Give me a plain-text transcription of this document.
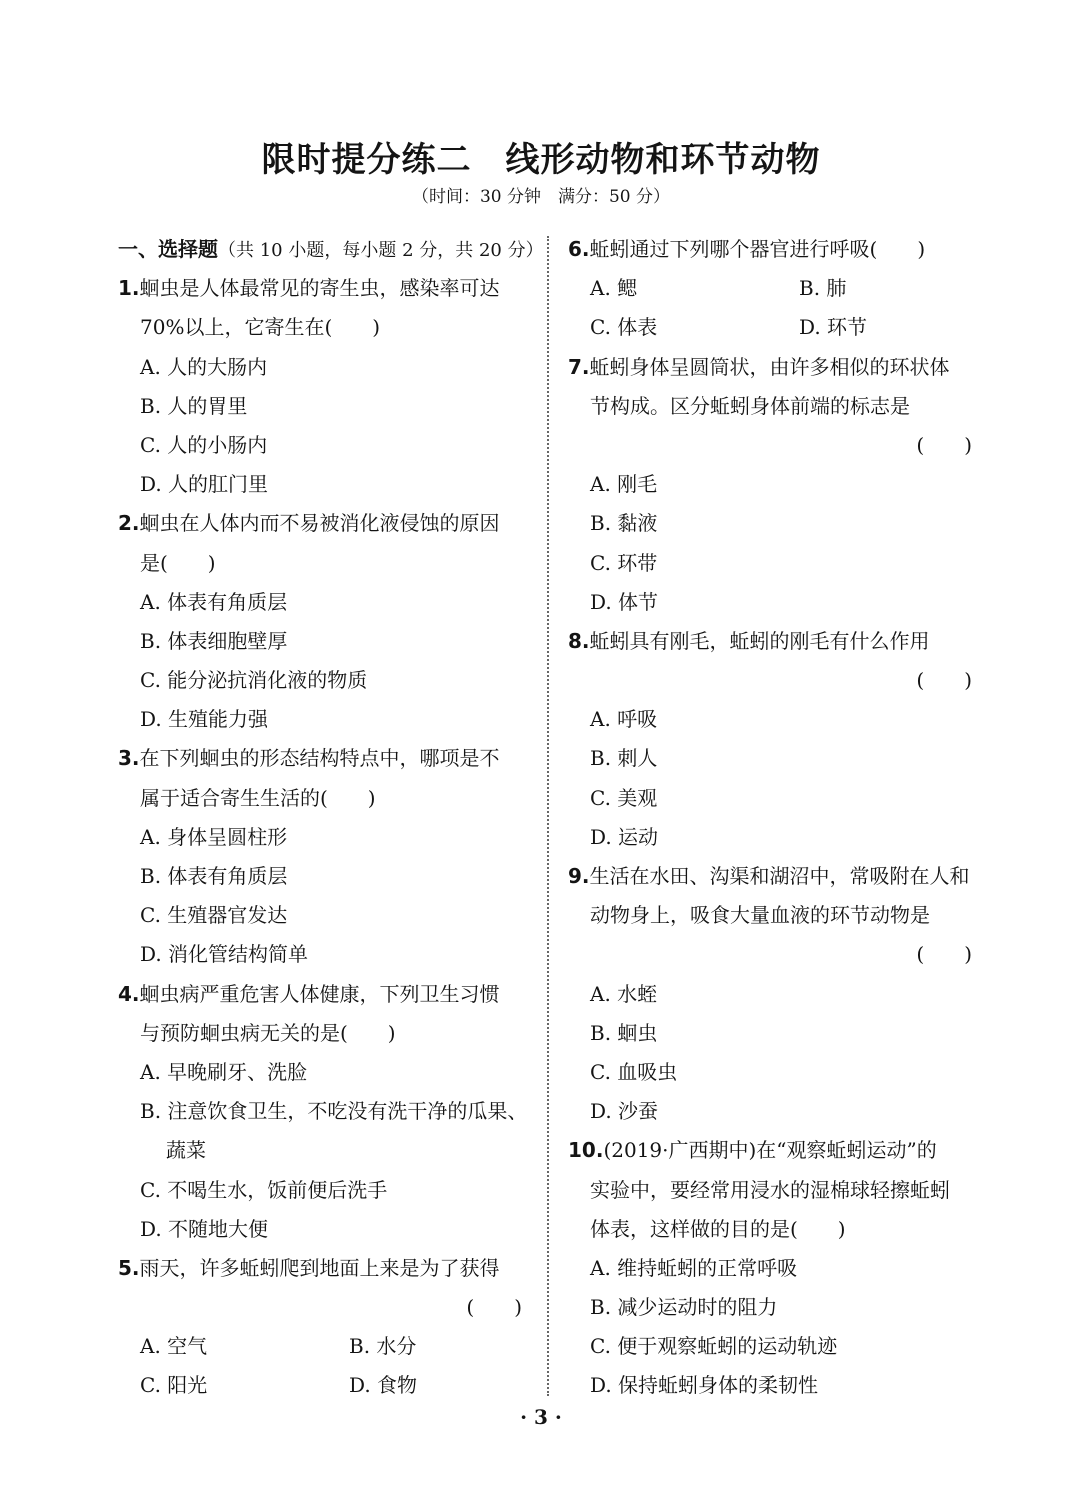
限时提分练二 线形动物和环节动物
（时间：30 分钟　满分：50 分）
一、选择题（共 10 小题，每小题 2 分，共 20 分）
1.蛔虫是人体最常见的寄生虫，感染率可达
70%以上，它寄生在(　　)
A. 人的大肠内
B. 人的胃里
C. 人的小肠内
D. 人的肛门里
2.蛔虫在人体内而不易被消化液侵蚀的原因
是(　　)
A. 体表有角质层
B. 体表细胞壁厚
C. 能分泌抗消化液的物质
D. 生殖能力强
3.在下列蛔虫的形态结构特点中，哪项是不
属于适合寄生生活的(　　)
A. 身体呈圆柱形
B. 体表有角质层
C. 生殖器官发达
D. 消化管结构简单
4.蛔虫病严重危害人体健康，下列卫生习惯
与预防蛔虫病无关的是(　　)
A. 早晚刷牙、洗脸
B. 注意饮食卫生，不吃没有洗干净的瓜果、
蔬菜
C. 不喝生水，饭前便后洗手
D. 不随地大便
5.雨天，许多蚯蚓爬到地面上来是为了获得
(　　)
A. 空气	B. 水分
C. 阳光	D. 食物
6.蚯蚓通过下列哪个器官进行呼吸(　　)
A. 鳃	B. 肺
C. 体表	D. 环节
7.蚯蚓身体呈圆筒状，由许多相似的环状体
节构成。区分蚯蚓身体前端的标志是
(　　)
A. 刚毛
B. 黏液
C. 环带
D. 体节
8.蚯蚓具有刚毛，蚯蚓的刚毛有什么作用
(　　)
A. 呼吸
B. 刺人
C. 美观
D. 运动
9.生活在水田、沟渠和湖沼中，常吸附在人和
动物身上，吸食大量血液的环节动物是
(　　)
A. 水蛭
B. 蛔虫
C. 血吸虫
D. 沙蚕
10.(2019·广西期中)在“观察蚯蚓运动”的
实验中，要经常用浸水的湿棉球轻擦蚯蚓
体表，这样做的目的是(　　)
A. 维持蚯蚓的正常呼吸
B. 减少运动时的阻力
C. 便于观察蚯蚓的运动轨迹
D. 保持蚯蚓身体的柔韧性
· 3 ·
